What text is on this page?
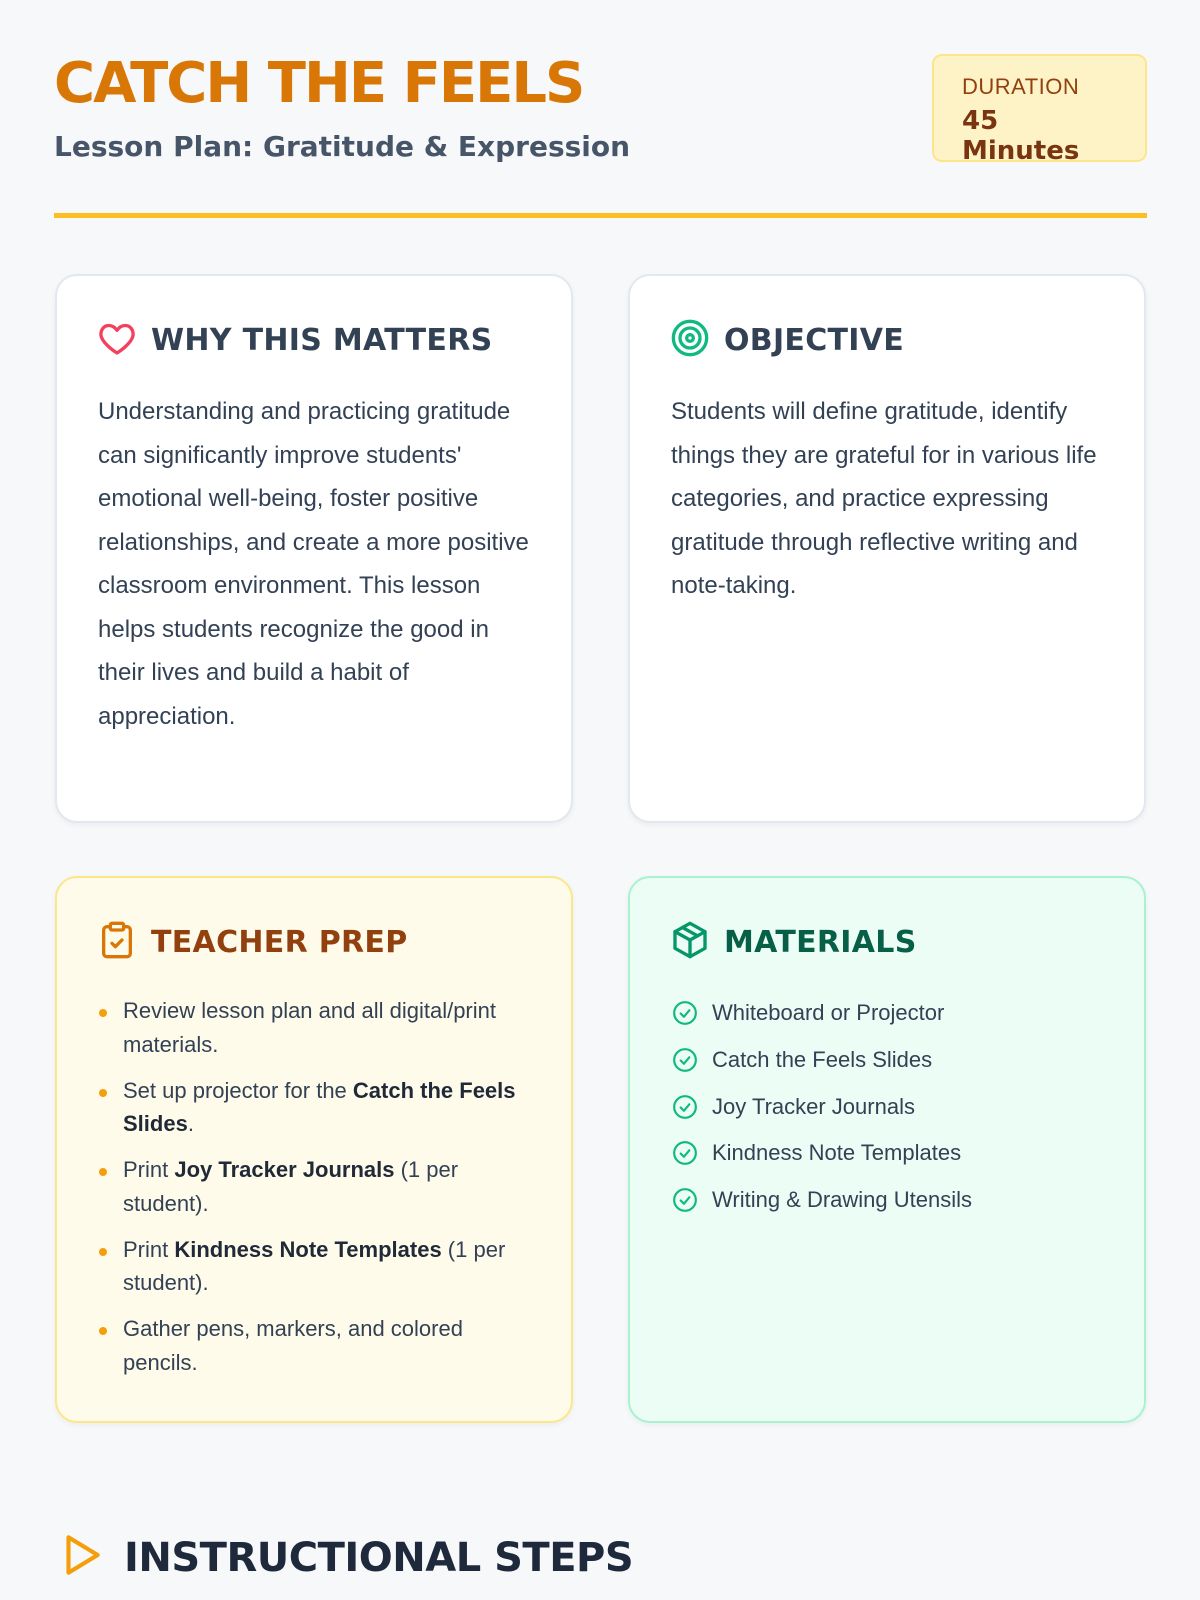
CATCH THE FEELS
Lesson Plan: Gratitude & Expression
DURATION
45 Minutes
WHY THIS MATTERS

Understanding and practicing gratitude can significantly improve students' emotional well-being, foster positive relationships, and create a more positive classroom environment. This lesson helps students recognize the good in their lives and build a habit of appreciation.

OBJECTIVE

Students will define gratitude, identify things they are grateful for in various life categories, and practice expressing gratitude through reflective writing and note-taking.

TEACHER PREP
Review lesson plan and all digital/print materials.
Set up projector for the Catch the Feels Slides.
Print Joy Tracker Journals (1 per student).
Print Kindness Note Templates (1 per student).
Gather pens, markers, and colored pencils.
MATERIALS
Whiteboard or Projector
Catch the Feels Slides
Joy Tracker Journals
Kindness Note Templates
Writing & Drawing Utensils
INSTRUCTIONAL STEPS
